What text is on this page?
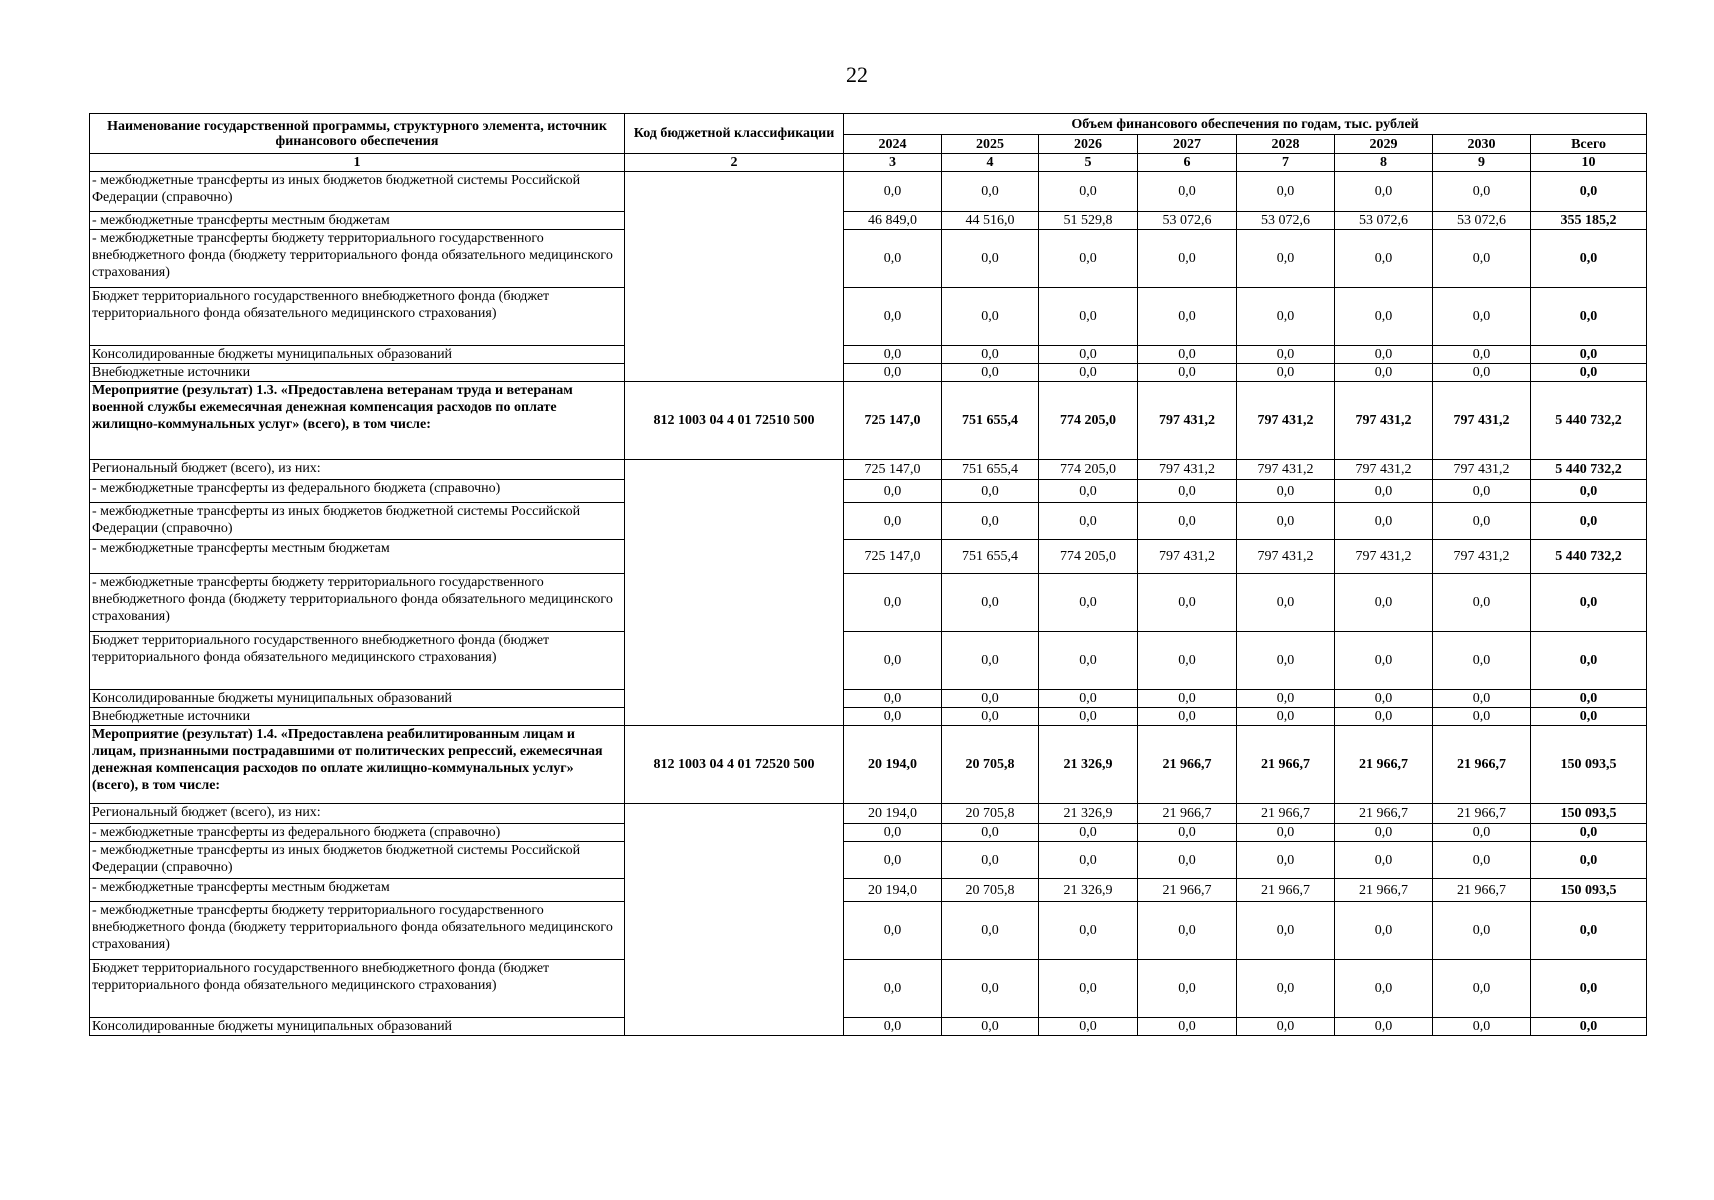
22
Наименование государственной программы, структурного элемента, источник финансового обеспечения	Код бюджетной классификации	Объем финансового обеспечения по годам, тыс. рублей							
		2024	2025	2026	2027	2028	2029	2030	Всего
1	2	3	4	5	6	7	8	9	10
- межбюджетные трансферты из иных бюджетов бюджетной системы Российской Федерации (справочно)		0,0	0,0	0,0	0,0	0,0	0,0	0,0	0,0
- межбюджетные трансферты местным бюджетам		46 849,0	44 516,0	51 529,8	53 072,6	53 072,6	53 072,6	53 072,6	355 185,2
- межбюджетные трансферты бюджету территориального государственного внебюджетного фонда (бюджету территориального фонда обязательного медицинского страхования)		0,0	0,0	0,0	0,0	0,0	0,0	0,0	0,0
Бюджет территориального государственного внебюджетного фонда (бюджет территориального фонда обязательного медицинского страхования)		0,0	0,0	0,0	0,0	0,0	0,0	0,0	0,0
Консолидированные бюджеты муниципальных образований		0,0	0,0	0,0	0,0	0,0	0,0	0,0	0,0
Внебюджетные источники		0,0	0,0	0,0	0,0	0,0	0,0	0,0	0,0
Мероприятие (результат) 1.3. «Предоставлена ветеранам труда и ветеранам военной службы ежемесячная денежная компенсация расходов по оплате жилищно-коммунальных услуг» (всего), в том числе:	812 1003 04 4 01 72510 500	725 147,0	751 655,4	774 205,0	797 431,2	797 431,2	797 431,2	797 431,2	5 440 732,2
Региональный бюджет (всего), из них:		725 147,0	751 655,4	774 205,0	797 431,2	797 431,2	797 431,2	797 431,2	5 440 732,2
- межбюджетные трансферты из федерального бюджета (справочно)		0,0	0,0	0,0	0,0	0,0	0,0	0,0	0,0
- межбюджетные трансферты из иных бюджетов бюджетной системы Российской Федерации (справочно)		0,0	0,0	0,0	0,0	0,0	0,0	0,0	0,0
- межбюджетные трансферты местным бюджетам		725 147,0	751 655,4	774 205,0	797 431,2	797 431,2	797 431,2	797 431,2	5 440 732,2
- межбюджетные трансферты бюджету территориального государственного внебюджетного фонда (бюджету территориального фонда обязательного медицинского страхования)		0,0	0,0	0,0	0,0	0,0	0,0	0,0	0,0
Бюджет территориального государственного внебюджетного фонда (бюджет территориального фонда обязательного медицинского страхования)		0,0	0,0	0,0	0,0	0,0	0,0	0,0	0,0
Консолидированные бюджеты муниципальных образований		0,0	0,0	0,0	0,0	0,0	0,0	0,0	0,0
Внебюджетные источники		0,0	0,0	0,0	0,0	0,0	0,0	0,0	0,0
Мероприятие (результат) 1.4. «Предоставлена реабилитированным лицам и лицам, признанными пострадавшими от политических репрессий, ежемесячная денежная компенсация расходов по оплате жилищно-коммунальных услуг» (всего), в том числе:	812 1003 04 4 01 72520 500	20 194,0	20 705,8	21 326,9	21 966,7	21 966,7	21 966,7	21 966,7	150 093,5
Региональный бюджет (всего), из них:		20 194,0	20 705,8	21 326,9	21 966,7	21 966,7	21 966,7	21 966,7	150 093,5
- межбюджетные трансферты из федерального бюджета (справочно)		0,0	0,0	0,0	0,0	0,0	0,0	0,0	0,0
- межбюджетные трансферты из иных бюджетов бюджетной системы Российской Федерации (справочно)		0,0	0,0	0,0	0,0	0,0	0,0	0,0	0,0
- межбюджетные трансферты местным бюджетам		20 194,0	20 705,8	21 326,9	21 966,7	21 966,7	21 966,7	21 966,7	150 093,5
- межбюджетные трансферты бюджету территориального государственного внебюджетного фонда (бюджету территориального фонда обязательного медицинского страхования)		0,0	0,0	0,0	0,0	0,0	0,0	0,0	0,0
Бюджет территориального государственного внебюджетного фонда (бюджет территориального фонда обязательного медицинского страхования)		0,0	0,0	0,0	0,0	0,0	0,0	0,0	0,0
Консолидированные бюджеты муниципальных образований		0,0	0,0	0,0	0,0	0,0	0,0	0,0	0,0
